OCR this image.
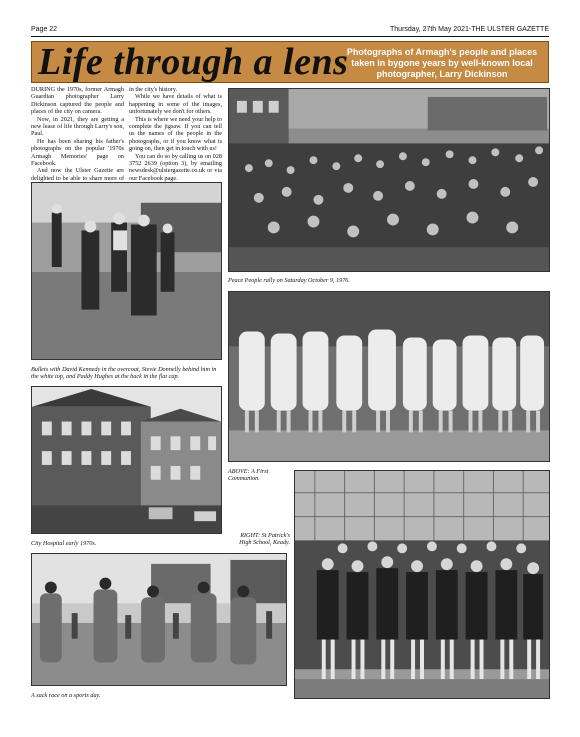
Page 22	Thursday, 27th May 2021-THE ULSTER GAZETTE
Life through a lens
Photographs of Armagh's people and places taken in bygone years by well-known local photographer, Larry Dickinson

DURING the 1970s, former Armagh Guardian photographer Larry Dickinson captured the people and places of the city on camera.

Now, in 2021, they are getting a new lease of life through Larry's son, Paul.

He has been sharing his father's photographs on the popular '1970s Armagh Memories' page on Facebook.

And now the Ulster Gazette are delighted to be able to share more of

in the city's history.

While we have details of what is happening in some of the images, unfortunately we don't for others.

This is where we need your help to complete the jigsaw. If you can tell us the names of the people in the photographs, or if you know what is going on, then get in touch with us!

You can do so by calling us on 028 3752 2639 (option 3), by emailing newsdesk@ulstergazette.co.uk or via our Facebook page.

Peace People rally on Saturday October 9, 1976.
Bullets with David Kennedy in the overcoat, Stevie Donnelly behind him in the white top, and Paddy Hughes at the back in the flat cap.
ABOVE: A First Communion.
City Hospital early 1970s.
RIGHT: St Patrick's High School, Keady.
A sack race on a sports day.
